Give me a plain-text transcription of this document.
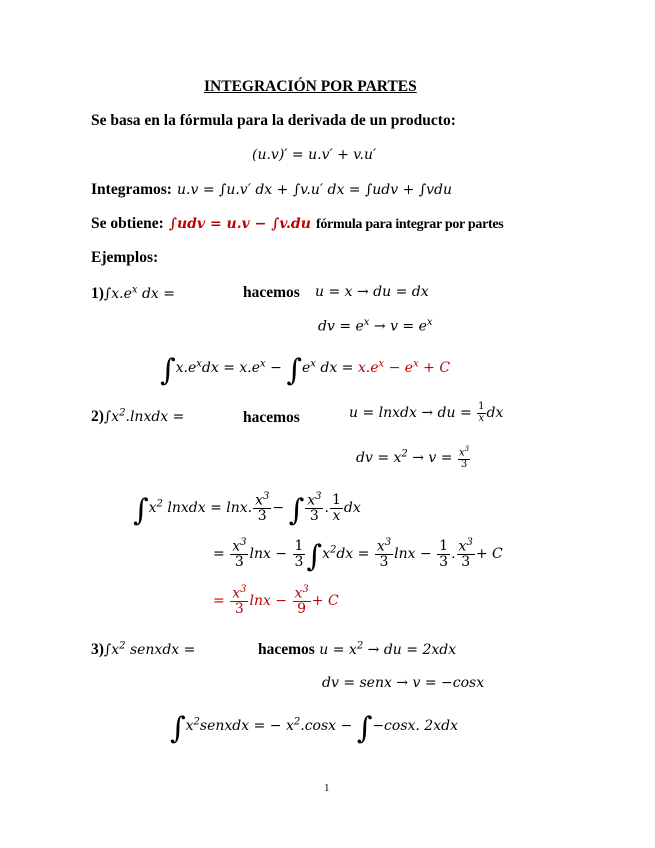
INTEGRACIÓN POR PARTES
Se basa en la fórmula para la derivada de un producto:
(u.v)′ = u.v′ + v.u′
Integramos: u.v = ∫u.v′ dx + ∫v.u′ dx = ∫udv + ∫vdu
Se obtiene: ∫udv = u.v − ∫v.du fórmula para integrar por partes
Ejemplos:
$1)\int x.e^x$ dx =	hacemos u = x → du = dx
dv = $e^x \to v = e^x$
$\int x.e^xdx = x.e^x - \int e^x$ dx = $x.e^x - e^x + C$
$2)\int x^2.lnxdx$ =	hacemos	u = lnxdx → du = $\frac{1}{x}$ dx
dv = $x^2 \to v = \frac{x^3}{3}$
$\int x^2$ lnxdx = lnx. $\frac{x^3}{3}$ − ∫ $\frac{x^3}{3}$ . $\frac{1}{x}$ dx
= $\frac{x^3}{3}$ $\ln x - \frac{1}{3} \int x^2dx = \frac{x^3}{3}$ $\ln x - \frac{1}{3}$ . $\frac{x^3}{3} + C$
= $\frac{x^3}{3}$ $\ln x - \frac{x^3}{9} + C$
$3)\int x^2$ senxdx =	hacemos $u = x^2$ → du = 2xdx
dv = senx → v = −cosx
$\int x^2senxdx$ = − $x^2.\cos x - \int-\cos x$. 2xdx
1
